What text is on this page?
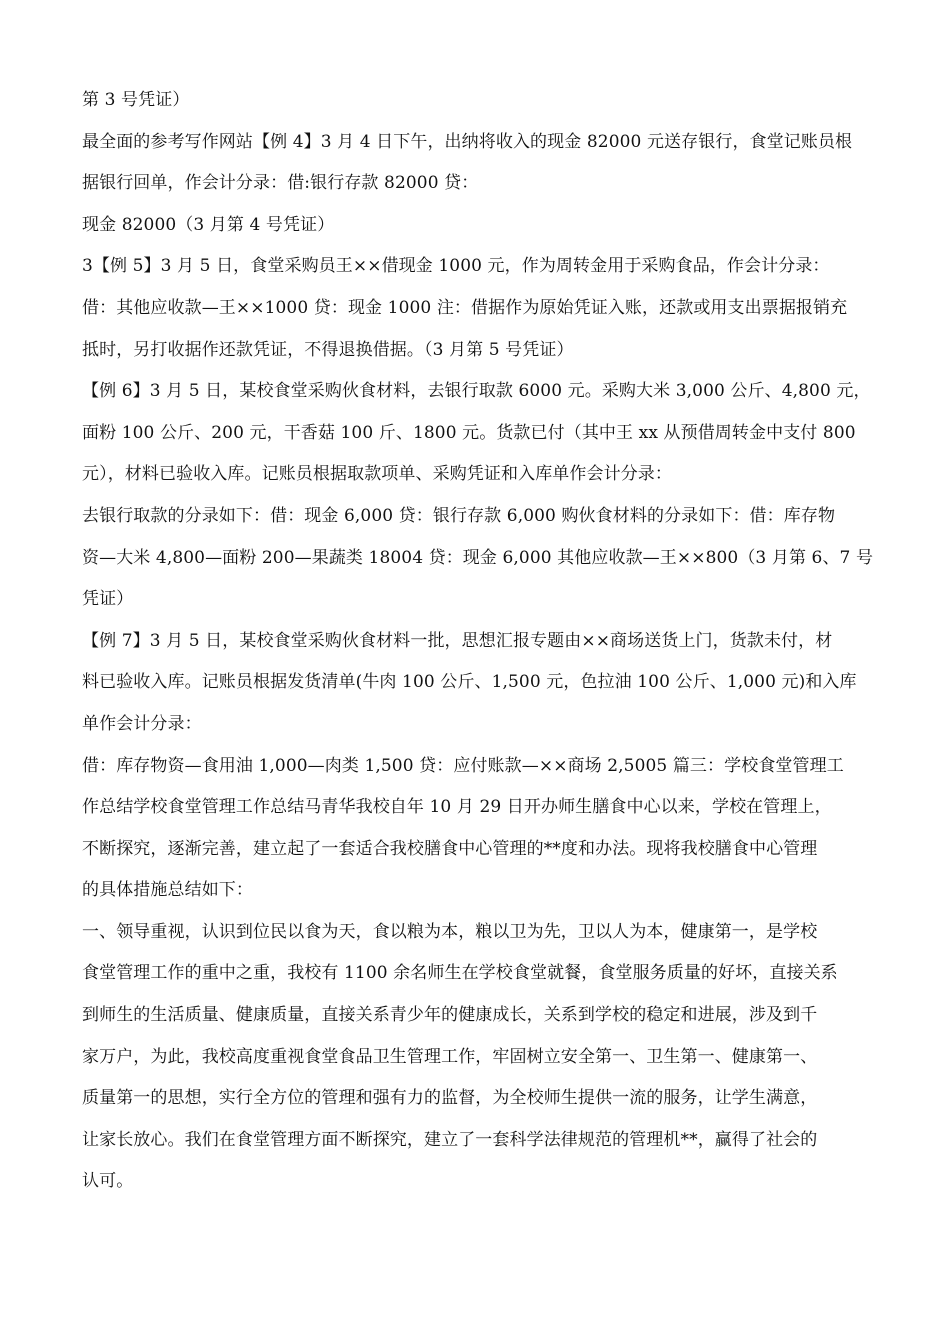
第 3 号凭证）
最全面的参考写作网站【例 4】3 月 4 日下午，出纳将收入的现金 82000 元送存银行，食堂记账员根
据银行回单，作会计分录：借:银行存款 82000 贷：
现金 82000（3 月第 4 号凭证）
3【例 5】3 月 5 日，食堂采购员王××借现金 1000 元，作为周转金用于采购食品，作会计分录：
借：其他应收款—王××1000 贷：现金 1000 注：借据作为原始凭证入账，还款或用支出票据报销充
抵时，另打收据作还款凭证，不得退换借据。（3 月第 5 号凭证）
【例 6】3 月 5 日，某校食堂采购伙食材料，去银行取款 6000 元。采购大米 3,000 公斤、4,800 元，
面粉 100 公斤、200 元，干香菇 100 斤、1800 元。货款已付（其中王 xx 从预借周转金中支付 800
元），材料已验收入库。记账员根据取款项单、采购凭证和入库单作会计分录：
去银行取款的分录如下：借：现金 6,000 贷：银行存款 6,000 购伙食材料的分录如下：借：库存物
资—大米 4,800—面粉 200—果蔬类 18004 贷：现金 6,000 其他应收款—王××800（3 月第 6、7 号
凭证）
【例 7】3 月 5 日，某校食堂采购伙食材料一批，思想汇报专题由××商场送货上门，货款未付，材
料已验收入库。记账员根据发货清单(牛肉 100 公斤、1,500 元，色拉油 100 公斤、1,000 元)和入库
单作会计分录：
借：库存物资—食用油 1,000—肉类 1,500 贷：应付账款—××商场 2,5005 篇三：学校食堂管理工
作总结学校食堂管理工作总结马青华我校自年 10 月 29 日开办师生膳食中心以来，学校在管理上，
不断探究，逐渐完善，建立起了一套适合我校膳食中心管理的**度和办法。现将我校膳食中心管理
的具体措施总结如下：
一、领导重视，认识到位民以食为天，食以粮为本，粮以卫为先，卫以人为本，健康第一，是学校
食堂管理工作的重中之重，我校有 1100 余名师生在学校食堂就餐，食堂服务质量的好坏，直接关系
到师生的生活质量、健康质量，直接关系青少年的健康成长，关系到学校的稳定和进展，涉及到千
家万户，为此，我校高度重视食堂食品卫生管理工作，牢固树立安全第一、卫生第一、健康第一、
质量第一的思想，实行全方位的管理和强有力的监督，为全校师生提供一流的服务，让学生满意，
让家长放心。我们在食堂管理方面不断探究，建立了一套科学法律规范的管理机**，赢得了社会的
认可。
